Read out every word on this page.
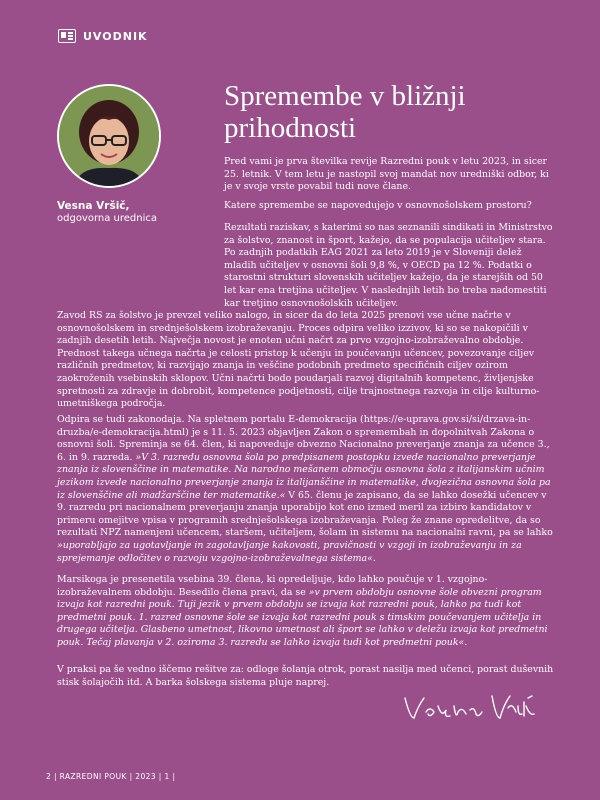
UVODNIK
Vesna Vršič,
odgovorna urednica
Spremembe v bližnji prihodnosti

Pred vami je prva številka revije Razredni pouk v letu 2023, in sicer 25. letnik. V tem letu je nastopil svoj mandat nov uredniški odbor, ki je v svoje vrste povabil tudi nove člane.

Katere spremembe se napovedujejo v osnovnošolskem prostoru?

Rezultati raziskav, s katerimi so nas seznanili sindikati in Ministrstvo za šolstvo, znanost in šport, kažejo, da se populacija učiteljev stara. Po zadnjih podatkih EAG 2021 za leto 2019 je v Sloveniji delež mladih učiteljev v osnovni šoli 9,8 %, v OECD pa 12 %. Podatki o starostni strukturi slovenskih učiteljev kažejo, da je starejših od 50 let kar ena tretjina učiteljev. V naslednjih letih bo treba nadomestiti kar tretjino osnovnošolskih učiteljev.

Zavod RS za šolstvo je prevzel veliko nalogo, in sicer da do leta 2025 prenovi vse učne načrte v osnovnošolskem in srednješolskem izobraževanju. Proces odpira veliko izzivov, ki so se nakopičili v zadnjih desetih letih. Največja novost je enoten učni načrt za prvo vzgojno-izobraževalno obdobje. Prednost takega učnega načrta je celosti pristop k učenju in poučevanju učencev, povezovanje ciljev različnih predmetov, ki razvijajo znanja in veščine podobnih predmeto specifičnih ciljev ozirom zaokroženih vsebinskih sklopov. Učni načrti bodo poudarjali razvoj digitalnih kompetenc, življenjske spretnosti za zdravje in dobrobit, kompetence podjetnosti, cilje trajnostnega razvoja in cilje kulturno-umetniškega področja.

Odpira se tudi zakonodaja. Na spletnem portalu E-demokracija (https://e-uprava.gov.si/si/drzava-in-druzba/e-demokracija.html) je s 11. 5. 2023 objavljen Zakon o spremembah in dopolnitvah Zakona o osnovni šoli. Spreminja se 64. člen, ki napoveduje obvezno Nacionalno preverjanje znanja za učence 3., 6. in 9. razreda. »V 3. razredu osnovna šola po predpisanem postopku izvede nacionalno preverjanje znanja iz slovenščine in matematike. Na narodno mešanem območju osnovna šola z italijanskim učnim jezikom izvede nacionalno preverjanje znanja iz italijanščine in matematike, dvojezična osnovna šola pa iz slovenščine ali madžarščine ter matematike.« V 65. členu je zapisano, da se lahko dosežki učencev v 9. razredu pri nacionalnem preverjanju znanja uporabijo kot eno izmed meril za izbiro kandidatov v primeru omejitve vpisa v programih srednješolskega izobraževanja. Poleg že znane opredelitve, da so rezultati NPZ namenjeni učencem, staršem, učiteljem, šolam in sistemu na nacionalni ravni, pa se lahko »uporabljajo za ugotavljanje in zagotavljanje kakovosti, pravičnosti v vzgoji in izobraževanju in za sprejemanje odločitev o razvoju vzgojno-izobraževalnega sistema«.

Marsikoga je presenetila vsebina 39. člena, ki opredeljuje, kdo lahko poučuje v 1. vzgojno-izobraževalnem obdobju. Besedilo člena pravi, da se »v prvem obdobju osnovne šole obvezni program izvaja kot razredni pouk. Tuji jezik v prvem obdobju se izvaja kot razredni pouk, lahko pa tudi kot predmetni pouk. 1. razred osnovne šole se izvaja kot razredni pouk s timskim poučevanjem učitelja in drugega učitelja. Glasbeno umetnost, likovno umetnost ali šport se lahko v deležu izvaja kot predmetni pouk. Tečaj plavanja v 2. oziroma 3. razredu se lahko izvaja tudi kot predmetni pouk«.

V praksi pa še vedno iščemo rešitve za: odloge šolanja otrok, porast nasilja med učenci, porast duševnih stisk šolajočih itd. A barka šolskega sistema pluje naprej.

2 | RAZREDNI POUK | 2023 | 1 |
